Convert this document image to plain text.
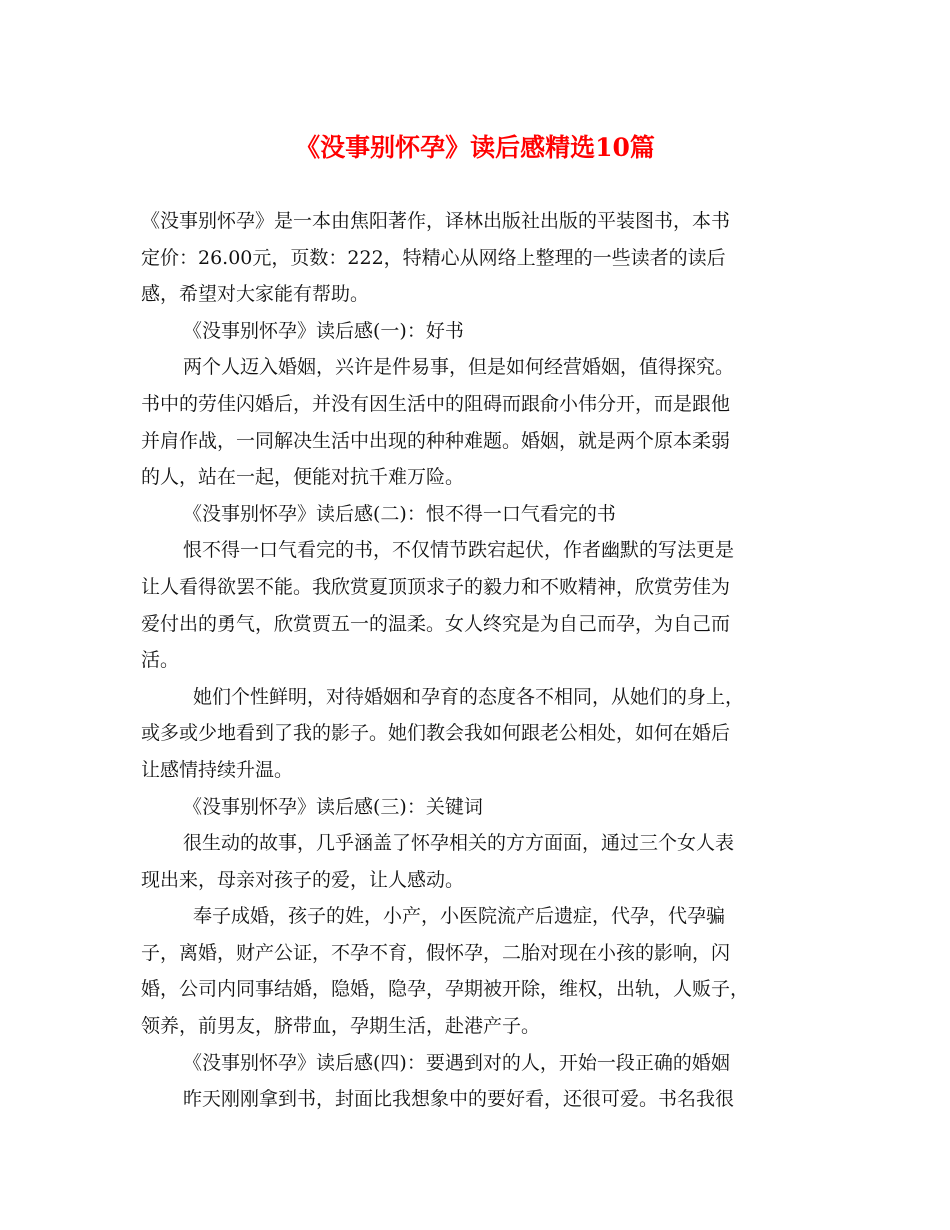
《没事别怀孕》读后感精选10篇
《没事别怀孕》是一本由焦阳著作，译林出版社出版的平装图书，本书
定价：26.00元，页数：222，特精心从网络上整理的一些读者的读后
感，希望对大家能有帮助。
《没事别怀孕》读后感(一)：好书
两个人迈入婚姻，兴许是件易事，但是如何经营婚姻，值得探究。
书中的劳佳闪婚后，并没有因生活中的阻碍而跟俞小伟分开，而是跟他
并肩作战，一同解决生活中出现的种种难题。婚姻，就是两个原本柔弱
的人，站在一起，便能对抗千难万险。
《没事别怀孕》读后感(二)：恨不得一口气看完的书
恨不得一口气看完的书，不仅情节跌宕起伏，作者幽默的写法更是
让人看得欲罢不能。我欣赏夏顶顶求子的毅力和不败精神，欣赏劳佳为
爱付出的勇气，欣赏贾五一的温柔。女人终究是为自己而孕，为自己而
活。
她们个性鲜明，对待婚姻和孕育的态度各不相同，从她们的身上，
或多或少地看到了我的影子。她们教会我如何跟老公相处，如何在婚后
让感情持续升温。
《没事别怀孕》读后感(三)：关键词
很生动的故事，几乎涵盖了怀孕相关的方方面面，通过三个女人表
现出来，母亲对孩子的爱，让人感动。
奉子成婚，孩子的姓，小产，小医院流产后遗症，代孕，代孕骗
子，离婚，财产公证，不孕不育，假怀孕，二胎对现在小孩的影响，闪
婚，公司内同事结婚，隐婚，隐孕，孕期被开除，维权，出轨，人贩子，
领养，前男友，脐带血，孕期生活，赴港产子。
《没事别怀孕》读后感(四)：要遇到对的人，开始一段正确的婚姻
昨天刚刚拿到书，封面比我想象中的要好看，还很可爱。书名我很
